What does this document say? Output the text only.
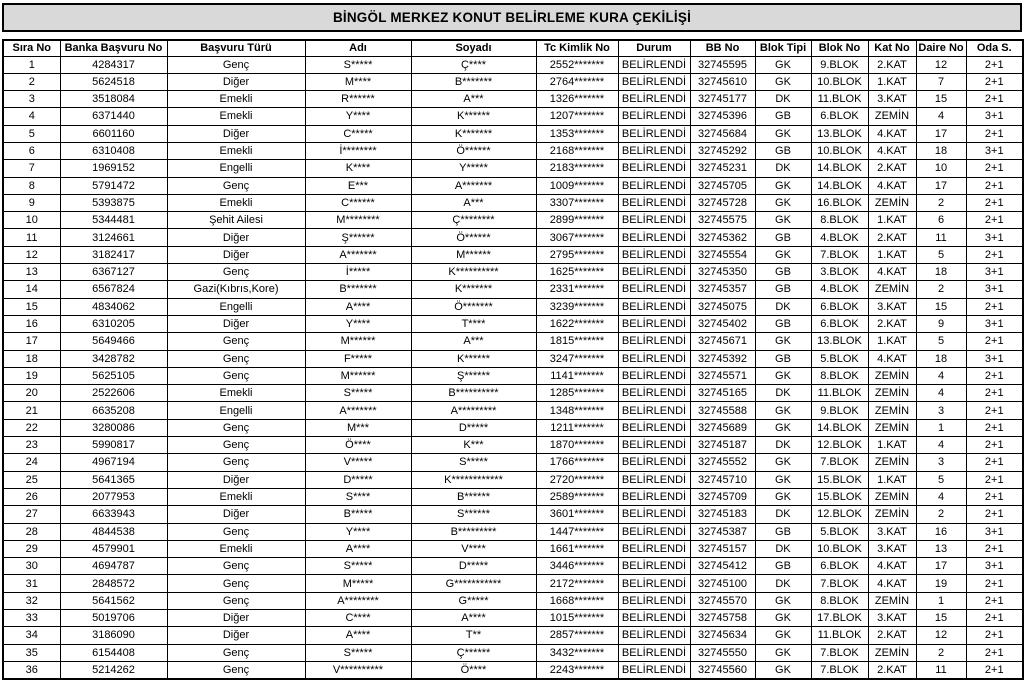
BİNGÖL MERKEZ KONUT BELİRLEME KURA ÇEKİLİŞİ
Sıra No	Banka Başvuru No	Başvuru Türü	Adı	Soyadı	Tc Kimlik No	Durum	BB No	Blok Tipi	Blok No	Kat No	Daire No	Oda S.
1	4284317	Genç	S*****	Ç****	2552*******	BELİRLENDİ	32745595	GK	9.BLOK	2.KAT	12	2+1
2	5624518	Diğer	M****	B*******	2764*******	BELİRLENDİ	32745610	GK	10.BLOK	1.KAT	7	2+1
3	3518084	Emekli	R******	A***	1326*******	BELİRLENDİ	32745177	DK	11.BLOK	3.KAT	15	2+1
4	6371440	Emekli	Y****	K******	1207*******	BELİRLENDİ	32745396	GB	6.BLOK	ZEMİN	4	3+1
5	6601160	Diğer	C*****	K*******	1353*******	BELİRLENDİ	32745684	GK	13.BLOK	4.KAT	17	2+1
6	6310408	Emekli	İ********	Ö******	2168*******	BELİRLENDİ	32745292	GB	10.BLOK	4.KAT	18	3+1
7	1969152	Engelli	K****	Y*****	2183*******	BELİRLENDİ	32745231	DK	14.BLOK	2.KAT	10	2+1
8	5791472	Genç	E***	A*******	1009*******	BELİRLENDİ	32745705	GK	14.BLOK	4.KAT	17	2+1
9	5393875	Emekli	C******	A***	3307*******	BELİRLENDİ	32745728	GK	16.BLOK	ZEMİN	2	2+1
10	5344481	Şehit Ailesi	M********	Ç********	2899*******	BELİRLENDİ	32745575	GK	8.BLOK	1.KAT	6	2+1
11	3124661	Diğer	Ş******	Ö******	3067*******	BELİRLENDİ	32745362	GB	4.BLOK	2.KAT	11	3+1
12	3182417	Diğer	A*******	M******	2795*******	BELİRLENDİ	32745554	GK	7.BLOK	1.KAT	5	2+1
13	6367127	Genç	İ*****	K**********	1625*******	BELİRLENDİ	32745350	GB	3.BLOK	4.KAT	18	3+1
14	6567824	Gazi(Kıbrıs,Kore)	B*******	K*******	2331*******	BELİRLENDİ	32745357	GB	4.BLOK	ZEMİN	2	3+1
15	4834062	Engelli	A****	Ö*******	3239*******	BELİRLENDİ	32745075	DK	6.BLOK	3.KAT	15	2+1
16	6310205	Diğer	Y****	T****	1622*******	BELİRLENDİ	32745402	GB	6.BLOK	2.KAT	9	3+1
17	5649466	Genç	M******	A***	1815*******	BELİRLENDİ	32745671	GK	13.BLOK	1.KAT	5	2+1
18	3428782	Genç	F*****	K******	3247*******	BELİRLENDİ	32745392	GB	5.BLOK	4.KAT	18	3+1
19	5625105	Genç	M******	Ş******	1141*******	BELİRLENDİ	32745571	GK	8.BLOK	ZEMİN	4	2+1
20	2522606	Emekli	S*****	B**********	1285*******	BELİRLENDİ	32745165	DK	11.BLOK	ZEMİN	4	2+1
21	6635208	Engelli	A*******	A*********	1348*******	BELİRLENDİ	32745588	GK	9.BLOK	ZEMİN	3	2+1
22	3280086	Genç	M***	D*****	1211*******	BELİRLENDİ	32745689	GK	14.BLOK	ZEMİN	1	2+1
23	5990817	Genç	Ö****	K***	1870*******	BELİRLENDİ	32745187	DK	12.BLOK	1.KAT	4	2+1
24	4967194	Genç	V*****	S*****	1766*******	BELİRLENDİ	32745552	GK	7.BLOK	ZEMİN	3	2+1
25	5641365	Diğer	D*****	K************	2720*******	BELİRLENDİ	32745710	GK	15.BLOK	1.KAT	5	2+1
26	2077953	Emekli	S****	B******	2589*******	BELİRLENDİ	32745709	GK	15.BLOK	ZEMİN	4	2+1
27	6633943	Diğer	B*****	S******	3601*******	BELİRLENDİ	32745183	DK	12.BLOK	ZEMİN	2	2+1
28	4844538	Genç	Y****	B*********	1447*******	BELİRLENDİ	32745387	GB	5.BLOK	3.KAT	16	3+1
29	4579901	Emekli	A****	V****	1661*******	BELİRLENDİ	32745157	DK	10.BLOK	3.KAT	13	2+1
30	4694787	Genç	S*****	D*****	3446*******	BELİRLENDİ	32745412	GB	6.BLOK	4.KAT	17	3+1
31	2848572	Genç	M*****	G***********	2172*******	BELİRLENDİ	32745100	DK	7.BLOK	4.KAT	19	2+1
32	5641562	Genç	A********	G*****	1668*******	BELİRLENDİ	32745570	GK	8.BLOK	ZEMİN	1	2+1
33	5019706	Diğer	C****	A****	1015*******	BELİRLENDİ	32745758	GK	17.BLOK	3.KAT	15	2+1
34	3186090	Diğer	A****	T**	2857*******	BELİRLENDİ	32745634	GK	11.BLOK	2.KAT	12	2+1
35	6154408	Genç	S*****	Ç******	3432*******	BELİRLENDİ	32745550	GK	7.BLOK	ZEMİN	2	2+1
36	5214262	Genç	V**********	Ö****	2243*******	BELİRLENDİ	32745560	GK	7.BLOK	2.KAT	11	2+1
